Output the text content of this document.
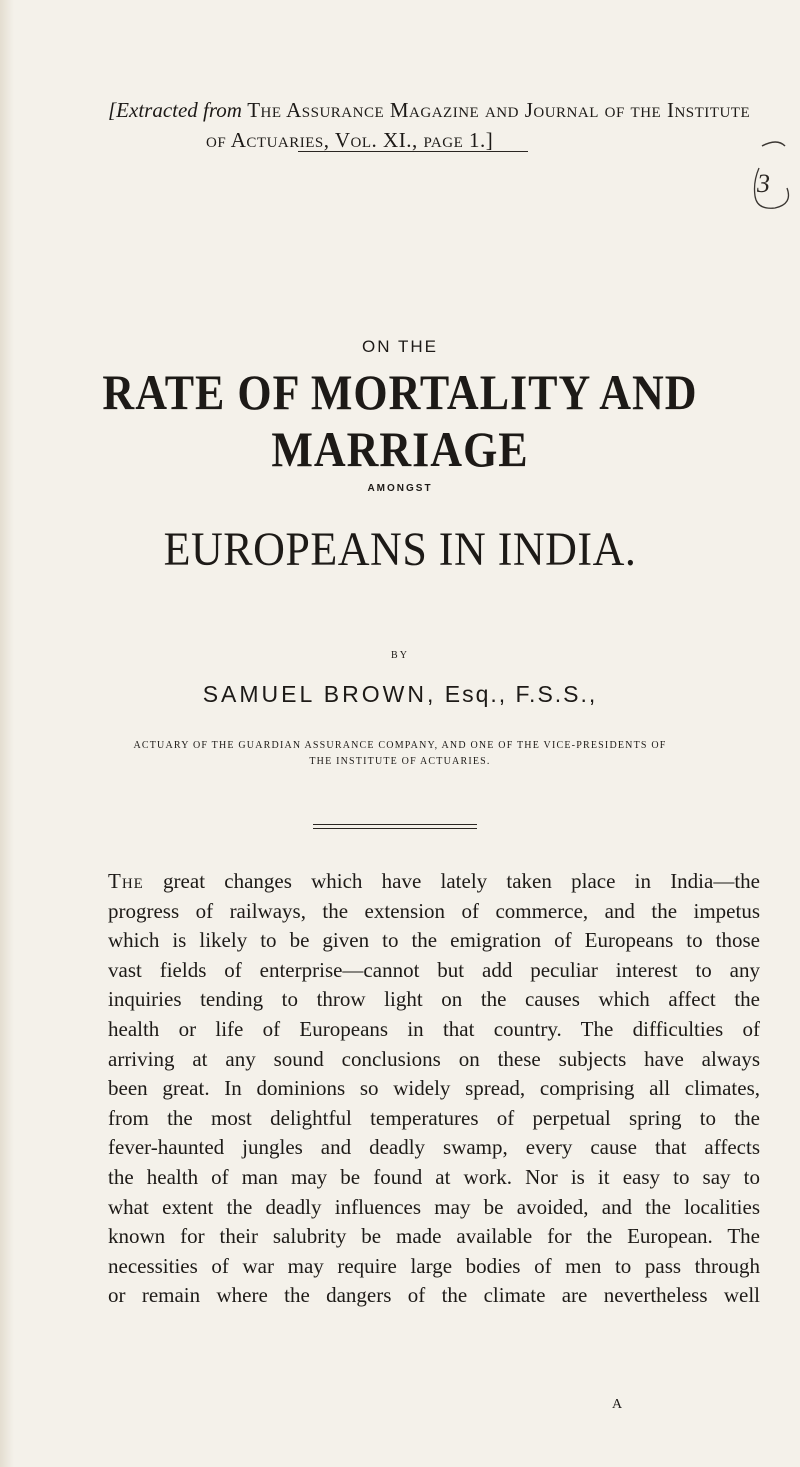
[Extracted from The Assurance Magazine and Journal of the Institute
of Actuaries, Vol. XI., page 1.]
3
ON THE
RATE OF MORTALITY AND MARRIAGE
AMONGST
EUROPEANS IN INDIA.
BY
SAMUEL BROWN, Esq., F.S.S.,
ACTUARY OF THE GUARDIAN ASSURANCE COMPANY, AND ONE OF THE VICE-PRESIDENTS OF
THE INSTITUTE OF ACTUARIES.
The great changes which have lately taken place in India—the
progress of railways, the extension of commerce, and the impetus
which is likely to be given to the emigration of Europeans to those
vast fields of enterprise—cannot but add peculiar interest to any
inquiries tending to throw light on the causes which affect the
health or life of Europeans in that country. The difficulties of
arriving at any sound conclusions on these subjects have always
been great. In dominions so widely spread, comprising all climates,
from the most delightful temperatures of perpetual spring to the
fever-haunted jungles and deadly swamp, every cause that affects
the health of man may be found at work. Nor is it easy to say to
what extent the deadly influences may be avoided, and the localities
known for their salubrity be made available for the European. The
necessities of war may require large bodies of men to pass through
or remain where the dangers of the climate are nevertheless well
A
